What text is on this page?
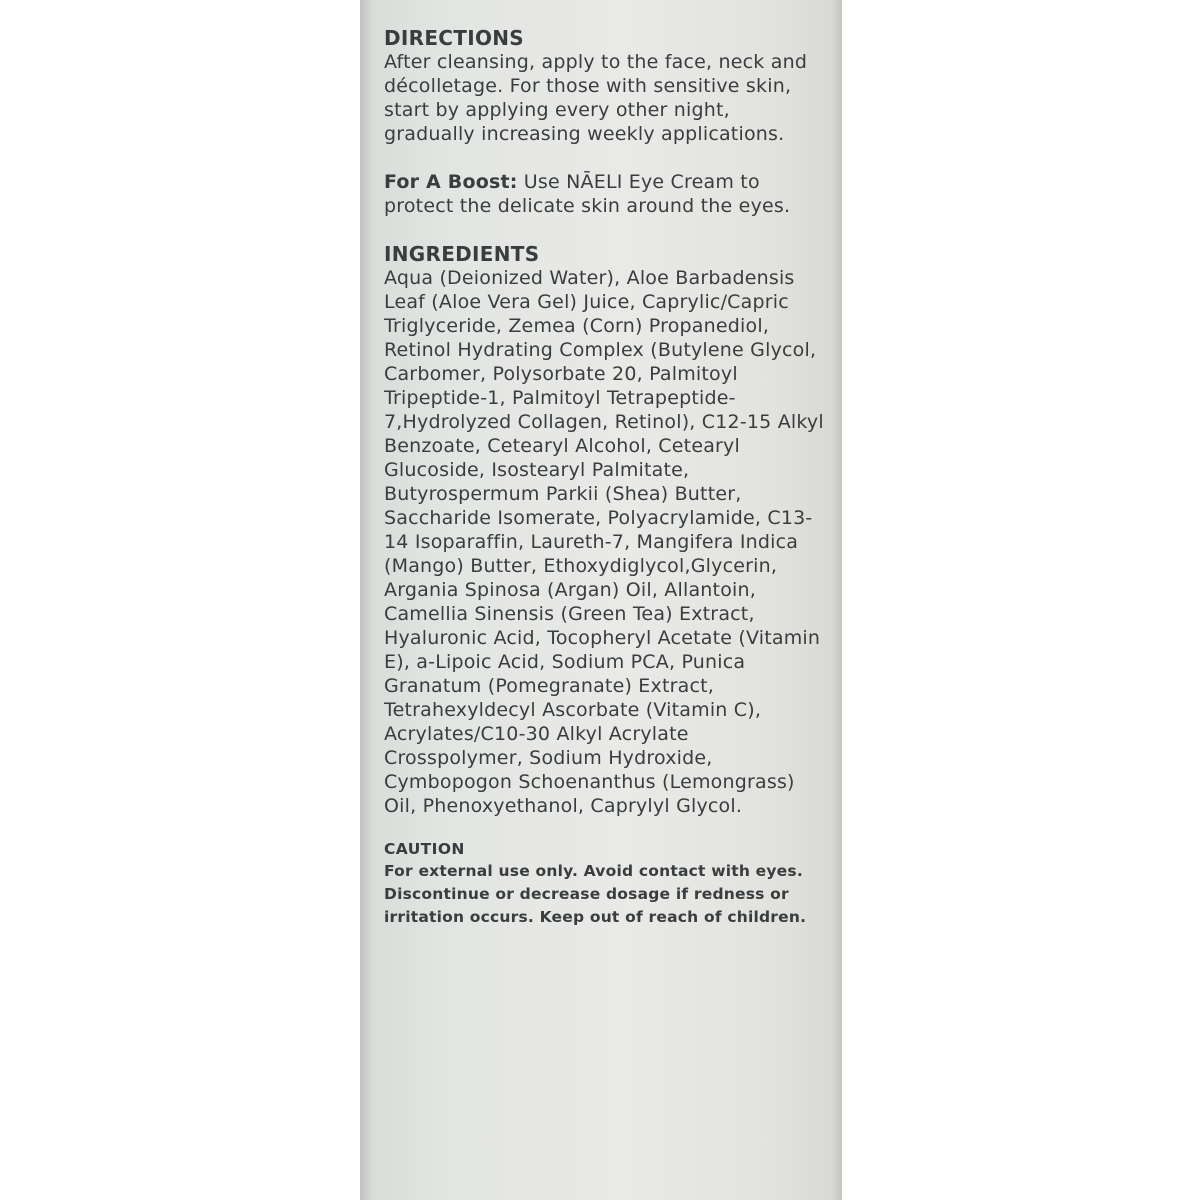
DIRECTIONS

After cleansing, apply to the face, neck and décolletage. For those with sensitive skin, start by applying every other night, gradually increasing weekly applications.

For A Boost: Use NĀELI Eye Cream to protect the delicate skin around the eyes.

INGREDIENTS

Aqua (Deionized Water), Aloe Barbadensis Leaf (Aloe Vera Gel) Juice, Caprylic/Capric Triglyceride, Zemea (Corn) Propanediol, Retinol Hydrating Complex (Butylene Glycol, Carbomer, Polysorbate 20, Palmitoyl Tripeptide-1, Palmitoyl Tetrapeptide-7,Hydrolyzed Collagen, Retinol), C12-15 Alkyl Benzoate, Cetearyl Alcohol, Cetearyl Glucoside, Isostearyl Palmitate, Butyrospermum Parkii (Shea) Butter, Saccharide Isomerate, Polyacrylamide, C13-14 Isoparaffin, Laureth-7, Mangifera Indica (Mango) Butter, Ethoxydiglycol,Glycerin, Argania Spinosa (Argan) Oil, Allantoin, Camellia Sinensis (Green Tea) Extract, Hyaluronic Acid, Tocopheryl Acetate (Vitamin E), a-Lipoic Acid, Sodium PCA, Punica Granatum (Pomegranate) Extract, Tetrahexyldecyl Ascorbate (Vitamin C), Acrylates/C10-30 Alkyl Acrylate Crosspolymer, Sodium Hydroxide, Cymbopogon Schoenanthus (Lemongrass) Oil, Phenoxyethanol, Caprylyl Glycol.

CAUTION

For external use only. Avoid contact with eyes. Discontinue or decrease dosage if redness or irritation occurs. Keep out of reach of children.
